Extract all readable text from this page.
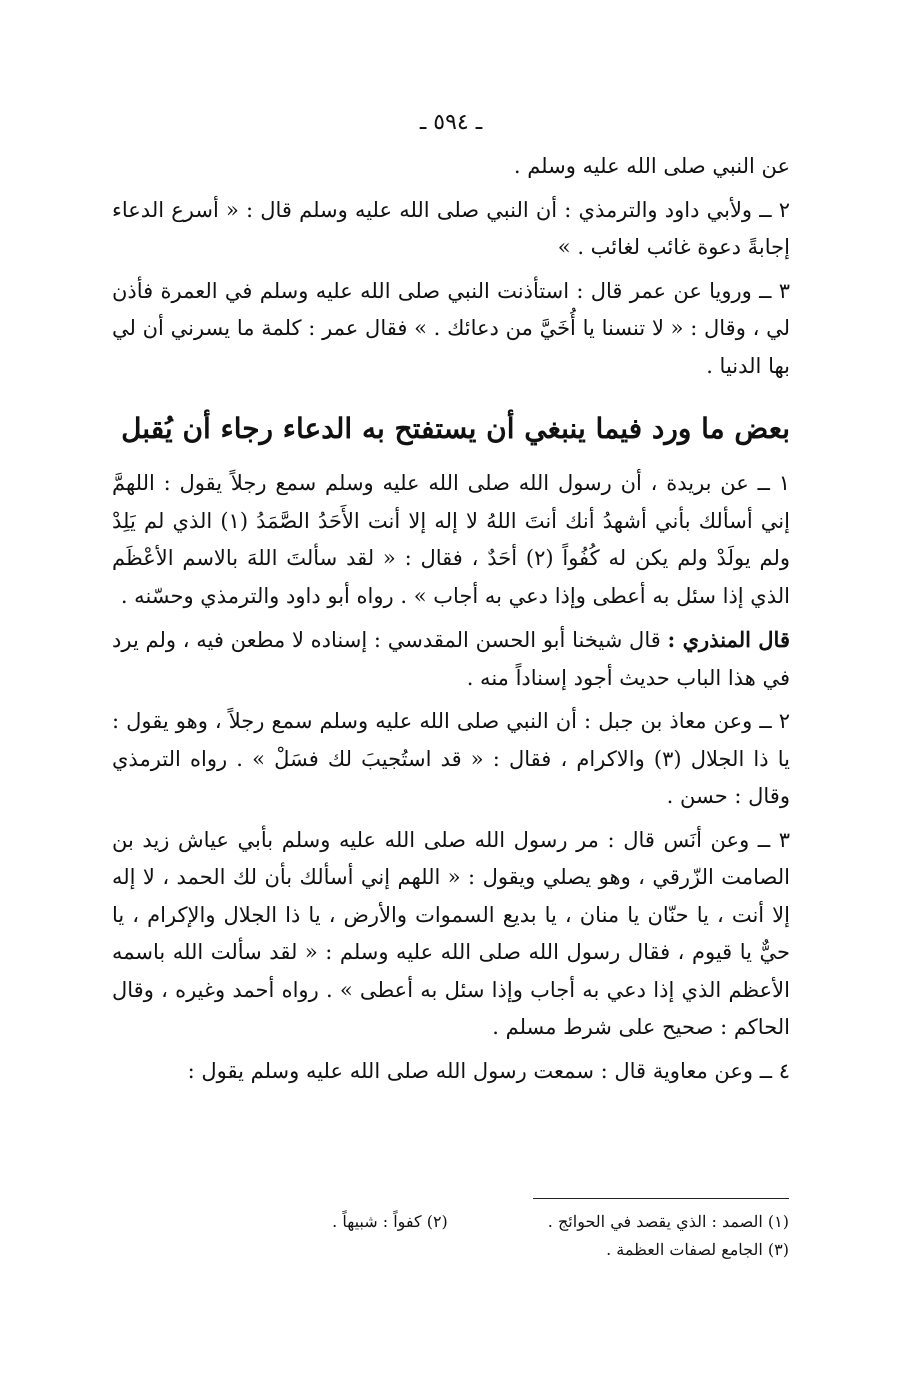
ـ ٥٩٤ ـ

عن النبي صلى الله عليه وسلم .

٢ ــ ولأبي داود والترمذي : أن النبي صلى الله عليه وسلم قال : « أسرع الدعاء إجابةً دعوة غائب لغائب . »

٣ ــ ورويا عن عمر قال : استأذنت النبي صلى الله عليه وسلم في العمرة فأذن لي ، وقال : « لا تنسنا يا أُخَيَّ من دعائك . » فقال عمر : كلمة ما يسرني أن لي بها الدنيا .

بعض ما ورد فيما ينبغي أن يستفتح به الدعاء رجاء أن يُقبل

١ ــ عن بريدة ، أن رسول الله صلى الله عليه وسلم سمع رجلاً يقول : اللهمَّ إني أسألك بأني أشهدُ أنك أنتَ اللهُ لا إله إلا أنت الأَحَدُ الصَّمَدُ (١) الذي لم يَلِدْ ولم يولَدْ ولم يكن له كُفُواً (٢) أحَدٌ ، فقال : « لقد سألتَ اللهَ بالاسم الأعْظَم الذي إذا سئل به أعطى وإذا دعي به أجاب » . رواه أبو داود والترمذي وحسّنه .

قال المنذري : قال شيخنا أبو الحسن المقدسي : إسناده لا مطعن فيه ، ولم يرد في هذا الباب حديث أجود إسناداً منه .

٢ ــ وعن معاذ بن جبل : أن النبي صلى الله عليه وسلم سمع رجلاً ، وهو يقول : يا ذا الجلال (٣) والاكرام ، فقال : « قد استُجيبَ لك فسَلْ » . رواه الترمذي وقال : حسن .

٣ ــ وعن أنَس قال : مر رسول الله صلى الله عليه وسلم بأبي عياش زيد بن الصامت الزّرقي ، وهو يصلي ويقول : « اللهم إني أسألك بأن لك الحمد ، لا إله إلا أنت ، يا حنّان يا منان ، يا بديع السموات والأرض ، يا ذا الجلال والإكرام ، يا حيٌّ يا قيوم ، فقال رسول الله صلى الله عليه وسلم : « لقد سألت الله باسمه الأعظم الذي إذا دعي به أجاب وإذا سئل به أعطى » . رواه أحمد وغيره ، وقال الحاكم : صحيح على شرط مسلم .

٤ ــ وعن معاوية قال : سمعت رسول الله صلى الله عليه وسلم يقول :

(١) الصمد : الذي يقصد في الحوائج .
(٢) كفواً : شبيهاً .
(٣) الجامع لصفات العظمة .
